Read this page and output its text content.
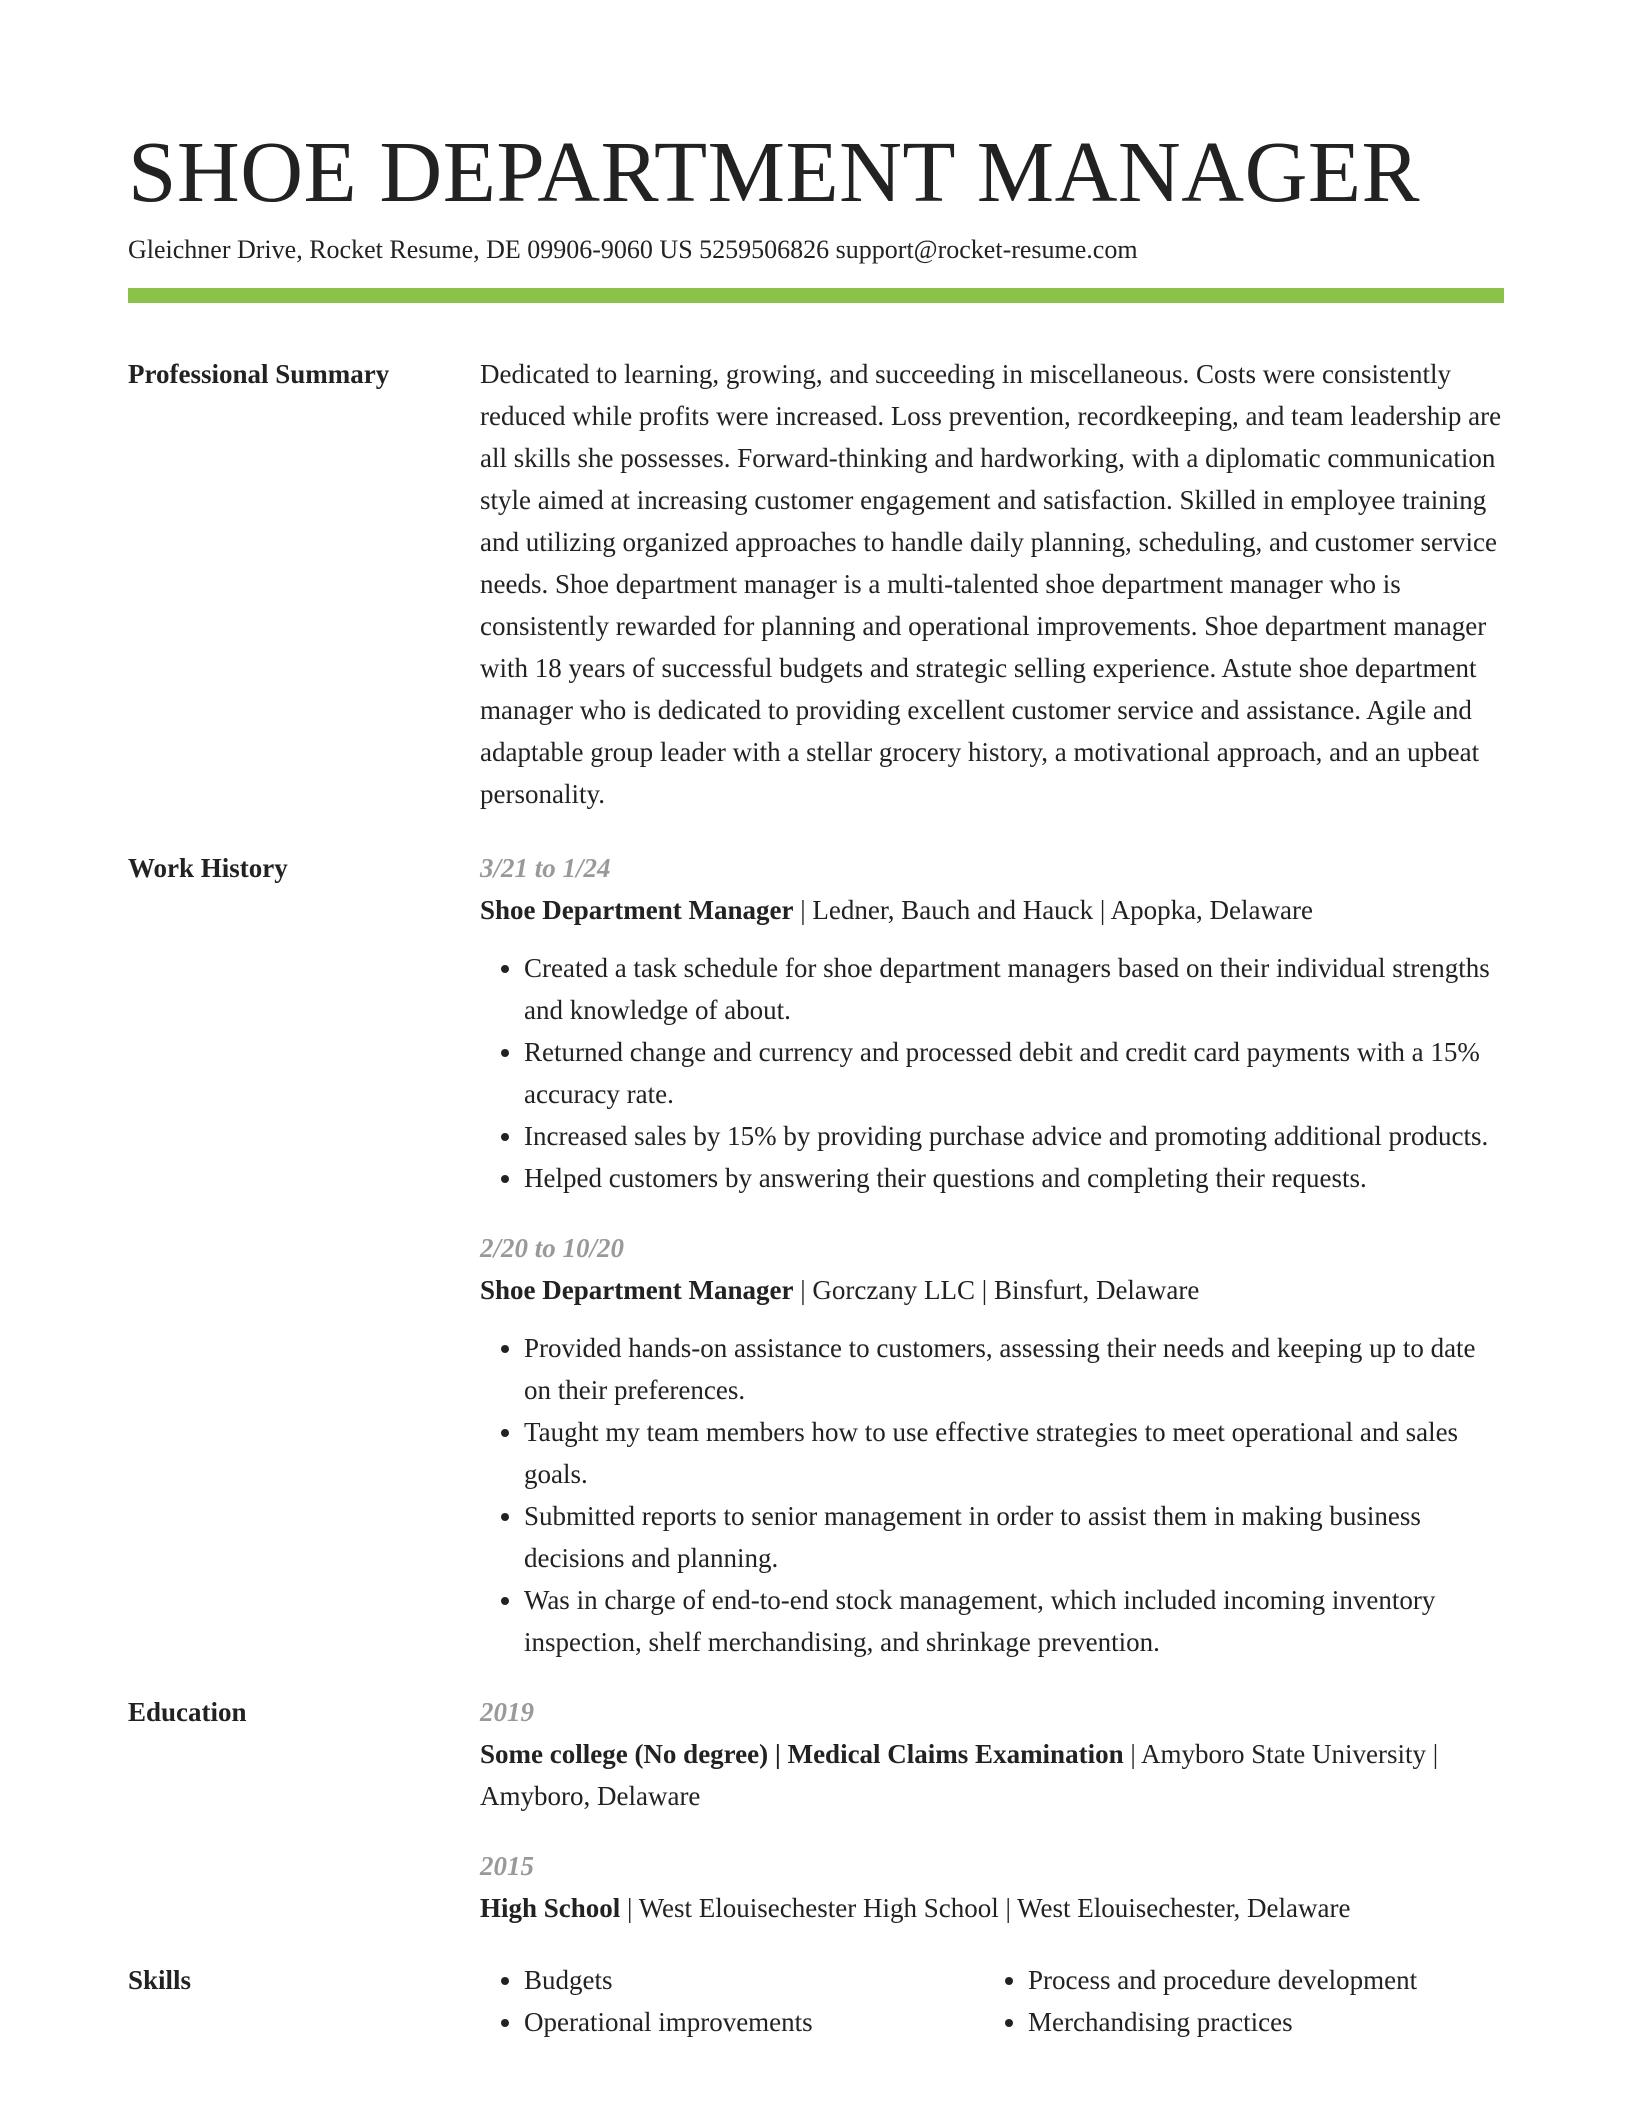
SHOE DEPARTMENT MANAGER
Gleichner Drive, Rocket Resume, DE 09906-9060 US 5259506826 support@rocket-resume.com
Professional Summary	Dedicated to learning, growing, and succeeding in miscellaneous. Costs were consistently reduced while profits were increased. Loss prevention, recordkeeping, and team leadership are all skills she possesses. Forward-thinking and hardworking, with a diplomatic communication style aimed at increasing customer engagement and satisfaction. Skilled in employee training and utilizing organized approaches to handle daily planning, scheduling, and customer service needs. Shoe department manager is a multi-talented shoe department manager who is consistently rewarded for planning and operational improvements. Shoe department manager with 18 years of successful budgets and strategic selling experience. Astute shoe department manager who is dedicated to providing excellent customer service and assistance. Agile and adaptable group leader with a stellar grocery history, a motivational approach, and an upbeat personality.

Work History	3/21 to 1/24
Shoe Department Manager | Ledner, Bauch and Hauck | Apopka, Delaware
• Created a task schedule for shoe department managers based on their individual strengths and knowledge of about.
• Returned change and currency and processed debit and credit card payments with a 15% accuracy rate.
• Increased sales by 15% by providing purchase advice and promoting additional products.
• Helped customers by answering their questions and completing their requests.
2/20 to 10/20
Shoe Department Manager | Gorczany LLC | Binsfurt, Delaware
• Provided hands-on assistance to customers, assessing their needs and keeping up to date on their preferences.
• Taught my team members how to use effective strategies to meet operational and sales goals.
• Submitted reports to senior management in order to assist them in making business decisions and planning.
• Was in charge of end-to-end stock management, which included incoming inventory inspection, shelf merchandising, and shrinkage prevention.
Education	2019
Some college (No degree) | Medical Claims Examination | Amyboro State University | Amyboro, Delaware
2015
High School | West Elouisechester High School | West Elouisechester, Delaware
Skills
•	Budgets
• Operational improvements
• Process and procedure development
• Merchandising practices
